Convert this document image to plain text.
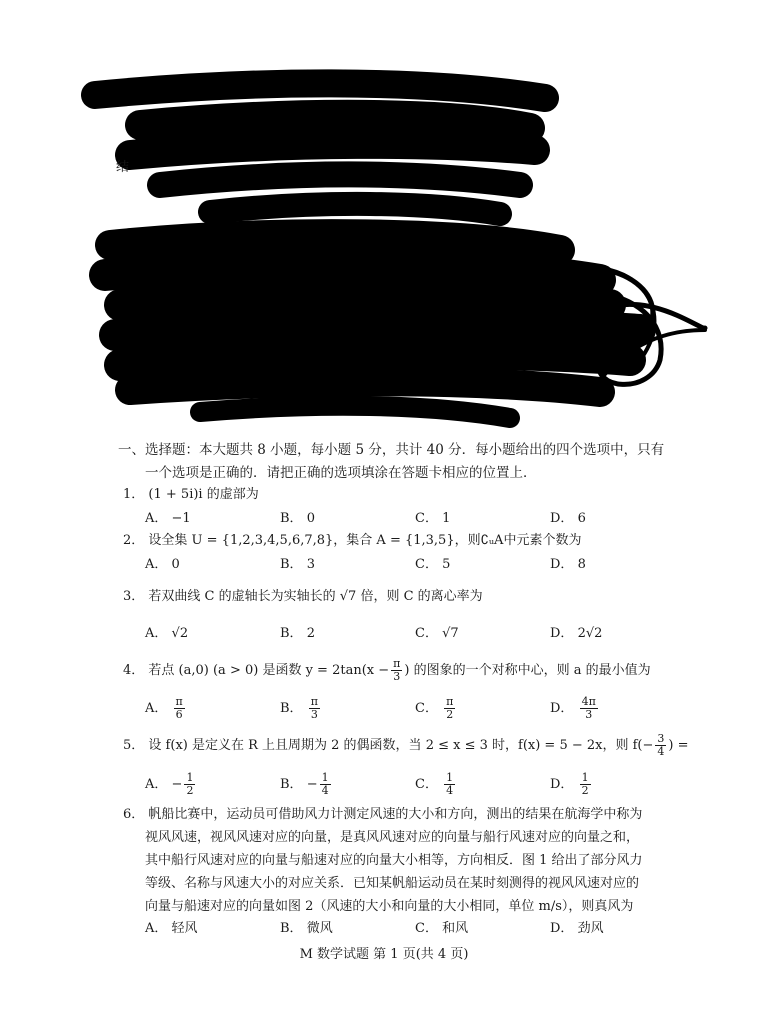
结
一、选择题：本大题共 8 小题，每小题 5 分，共计 40 分．每小题给出的四个选项中，只有
一个选项是正确的．请把正确的选项填涂在答题卡相应的位置上．
1． (1 + 5i)i 的虚部为
A． −1	B． 0	C． 1	D． 6
2． 设全集 U = {1,2,3,4,5,6,7,8}，集合 A = {1,3,5}，则∁ᵤA中元素个数为
A． 0	B． 3	C． 5	D． 8
3． 若双曲线 C 的虚轴长为实轴长的 √7 倍，则 C 的离心率为
A． √2	B． 2	C． √7	D． 2√2
4． 若点 (a,0) (a > 0) 是函数 $y = 2\tan(x - \frac{\pi}{3}$ ) 的图象的一个对称中心，则 a 的最小值为
A． $\frac{\pi}{6}$	B． $\frac{\pi}{3}$	C． $\frac{\pi}{2}$	D． $\frac{4\pi}{3}$
5． 设 f(x) 是定义在 R 上且周期为 2 的偶函数，当 2 ≤ x ≤ 3 时，f(x) = 5 − 2x，则 $f(- \frac{3}{4}$ ) =
A． − $\frac{1}{2}$	B． − $\frac{1}{4}$	C． $\frac{1}{4}$	D． $\frac{1}{2}$
6． 帆船比赛中，运动员可借助风力计测定风速的大小和方向，测出的结果在航海学中称为
视风风速，视风风速对应的向量，是真风风速对应的向量与船行风速对应的向量之和，
其中船行风速对应的向量与船速对应的向量大小相等，方向相反．图 1 给出了部分风力
等级、名称与风速大小的对应关系．已知某帆船运动员在某时刻测得的视风风速对应的
向量与船速对应的向量如图 2（风速的大小和向量的大小相同，单位 m/s），则真风为
A． 轻风	B． 微风	C． 和风	D． 劲风
M 数学试题 第 1 页(共 4 页)
